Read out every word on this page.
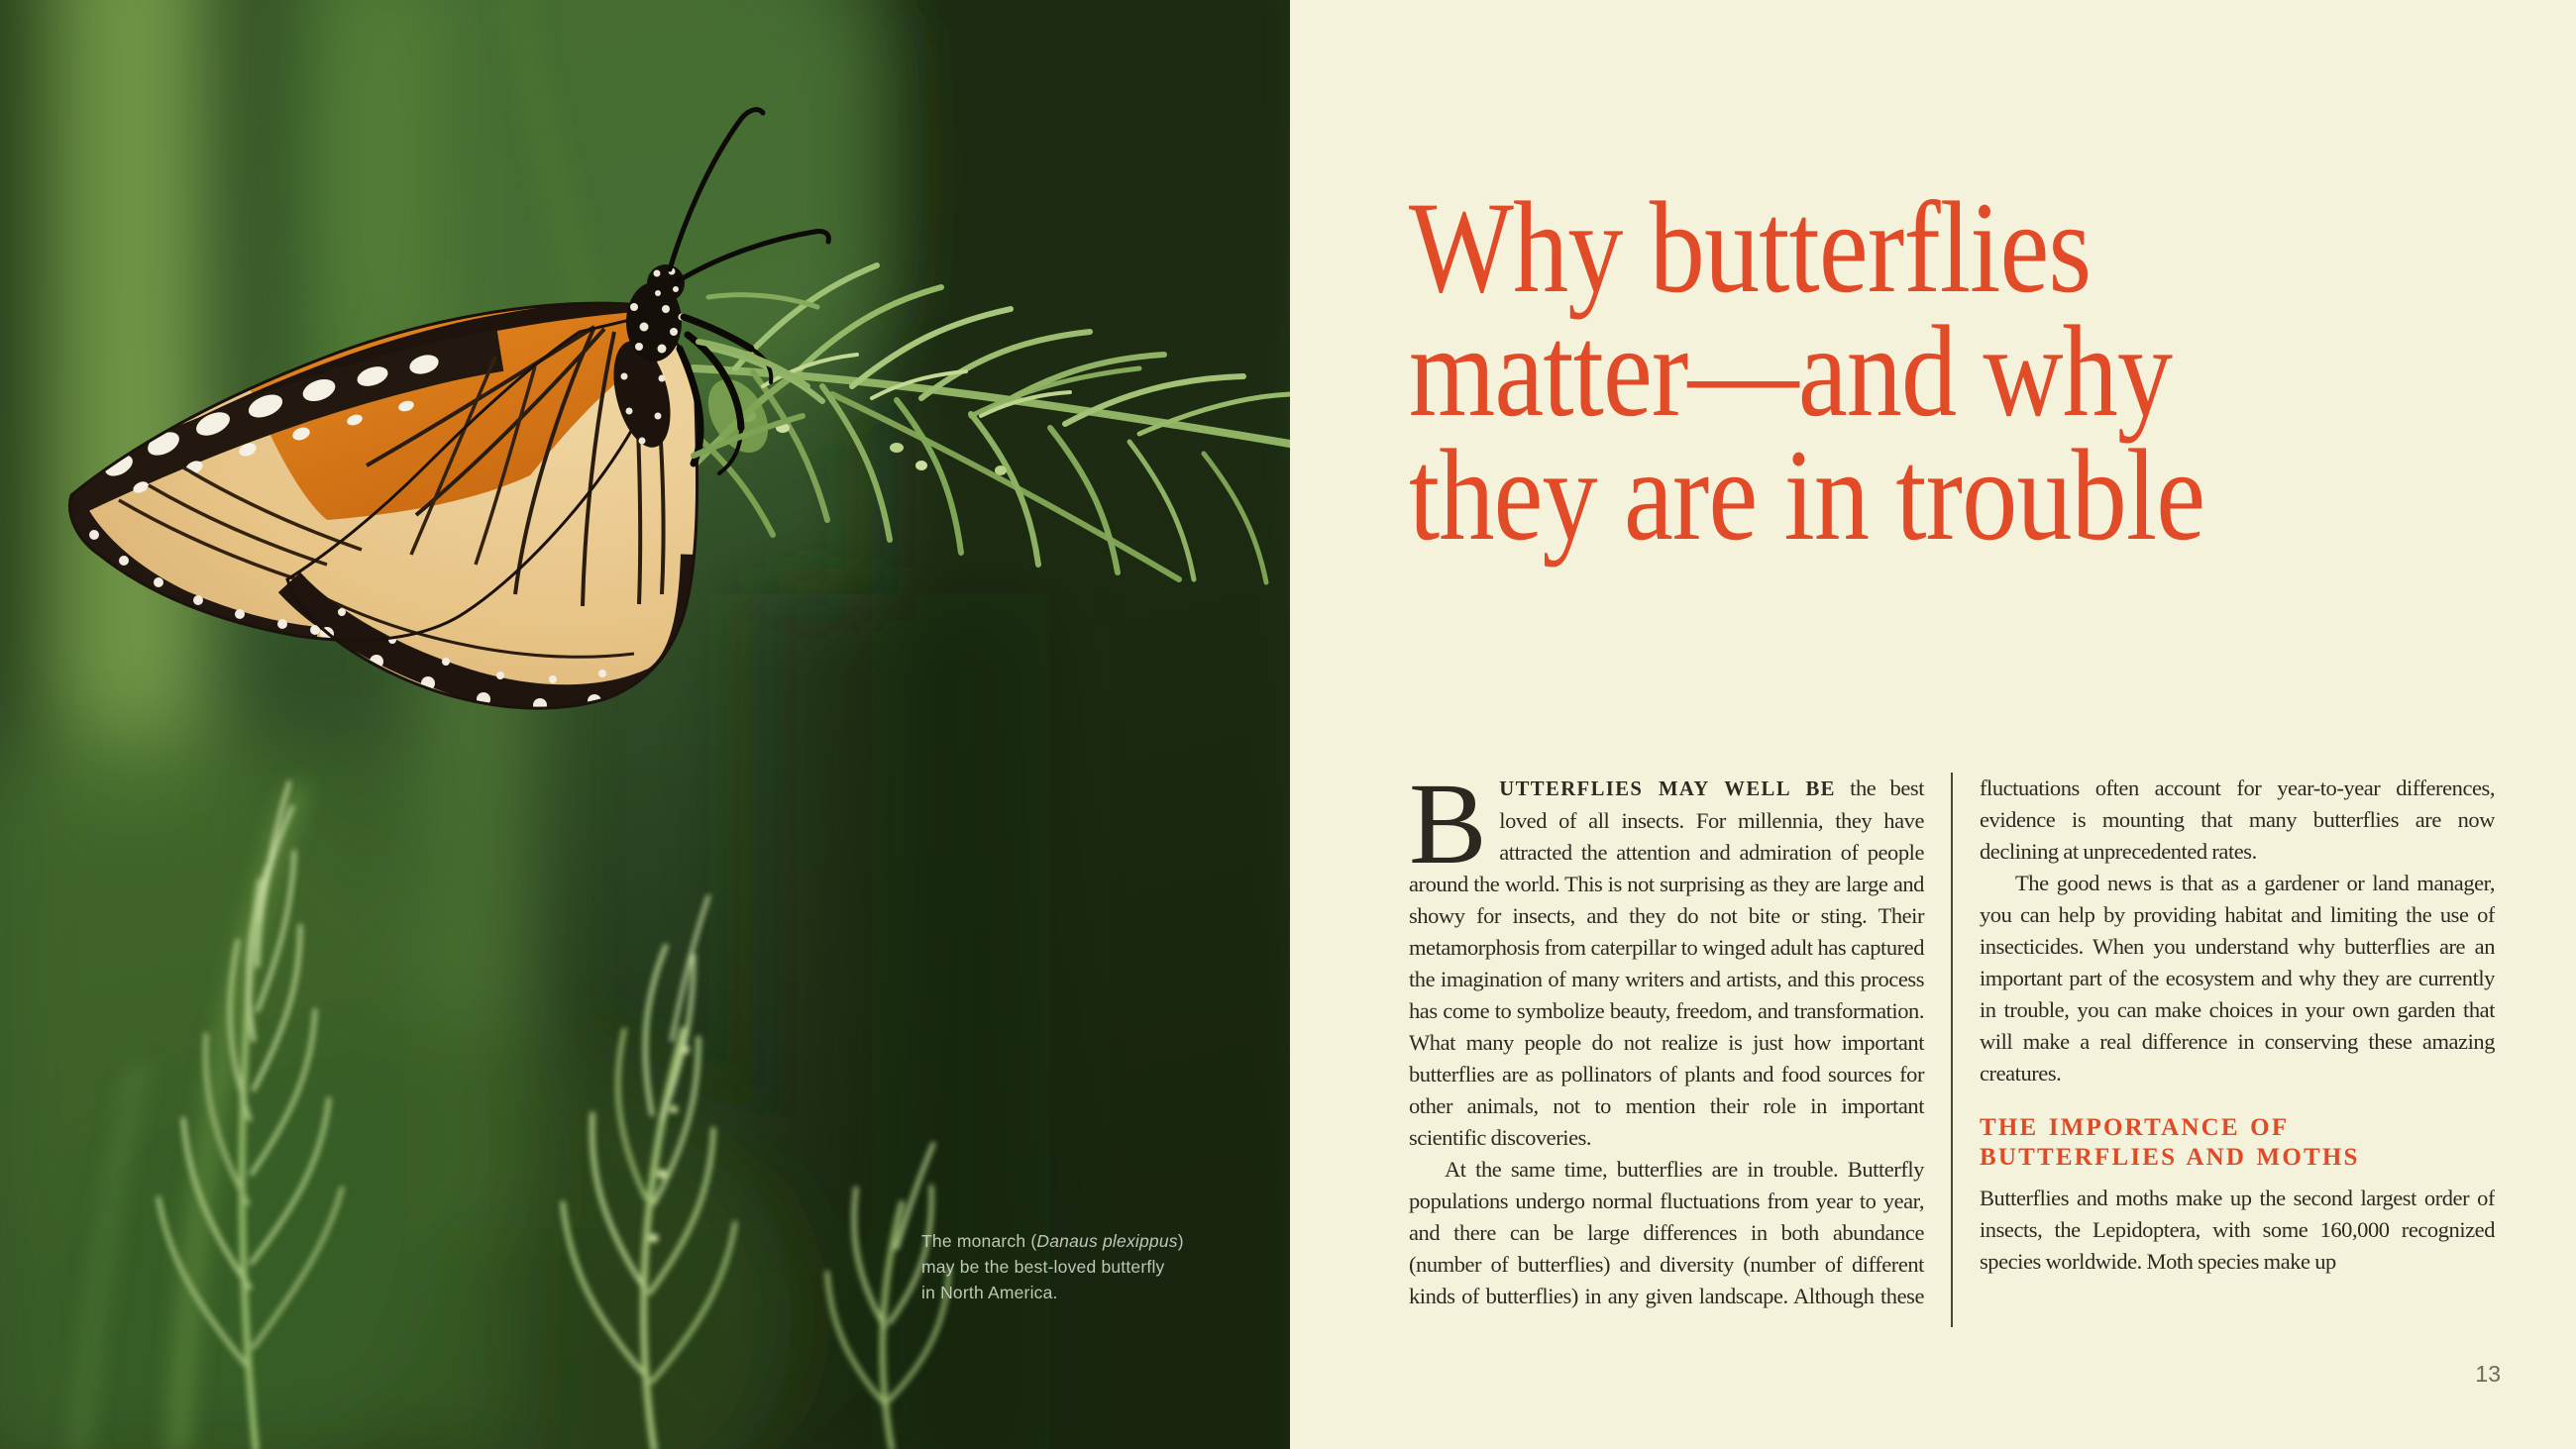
The monarch (Danaus plexippus)
may be the best-loved butterfly
in North America.
Why butterflies
matter—and why
they are in trouble

BUTTERFLIES MAY WELL BE the best loved of all insects. For millennia, they have attracted the attention and admiration of people around the world. This is not surprising as they are large and showy for insects, and they do not bite or sting. Their metamorphosis from caterpillar to winged adult has captured the imagination of many writers and artists, and this process has come to symbolize beauty, freedom, and transformation. What many people do not realize is just how important butterflies are as pollinators of plants and food sources for other animals, not to mention their role in important scientific discoveries.

At the same time, butterflies are in trouble. Butterfly populations undergo normal fluctuations from year to year, and there can be large differences in both abundance (number of butterflies) and diversity (number of different kinds of butterflies) in any given landscape. Although these fluctuations often account for year-to-year differences, evidence is mounting that many butterflies are now declining at unprecedented rates.

The good news is that as a gardener or land manager, you can help by providing habitat and limiting the use of insecticides. When you understand why butterflies are an important part of the ecosystem and why they are currently in trouble, you can make choices in your own garden that will make a real difference in conserving these amazing creatures.

THE IMPORTANCE OF BUTTERFLIES AND MOTHS

Butterflies and moths make up the second largest order of insects, the Lepidoptera, with some 160,000 recognized species worldwide. Moth species make up

13
